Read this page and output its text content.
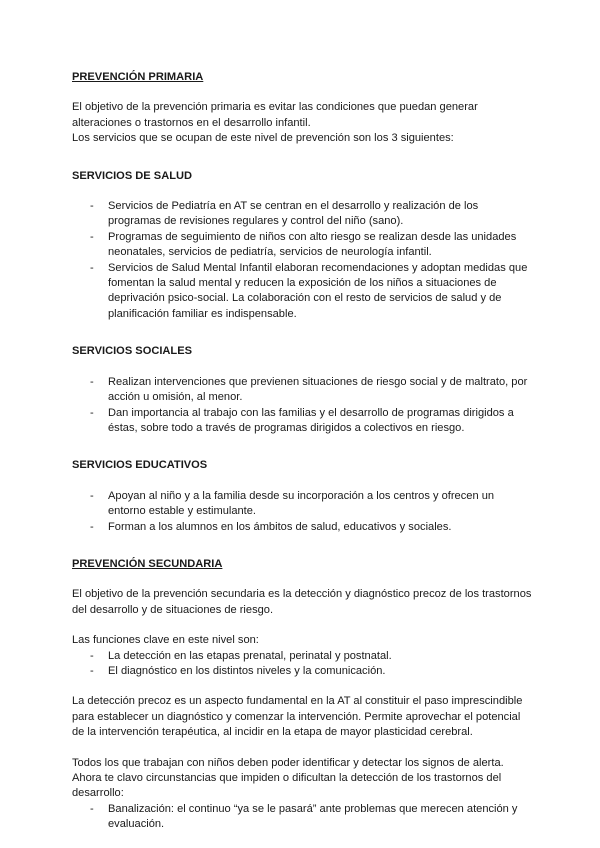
PREVENCIÓN PRIMARIA

El objetivo de la prevención primaria es evitar las condiciones que puedan generar alteraciones o trastornos en el desarrollo infantil.

Los servicios que se ocupan de este nivel de prevención son los 3 siguientes:

SERVICIOS DE SALUD

- Servicios de Pediatría en AT se centran en el desarrollo y realización de los programas de revisiones regulares y control del niño (sano).
- Programas de seguimiento de niños con alto riesgo se realizan desde las unidades neonatales, servicios de pediatría, servicios de neurología infantil.
- Servicios de Salud Mental Infantil elaboran recomendaciones y adoptan medidas que fomentan la salud mental y reducen la exposición de los niños a situaciones de deprivación psico-social. La colaboración con el resto de servicios de salud y de planificación familiar es indispensable.

SERVICIOS SOCIALES

- Realizan intervenciones que previenen situaciones de riesgo social y de maltrato, por acción u omisión, al menor.
- Dan importancia al trabajo con las familias y el desarrollo de programas dirigidos a éstas, sobre todo a través de programas dirigidos a colectivos en riesgo.

SERVICIOS EDUCATIVOS

- Apoyan al niño y a la familia desde su incorporación a los centros y ofrecen un entorno estable y estimulante.
- Forman a los alumnos en los ámbitos de salud, educativos y sociales.

PREVENCIÓN SECUNDARIA

El objetivo de la prevención secundaria es la detección y diagnóstico precoz de los trastornos del desarrollo y de situaciones de riesgo.

Las funciones clave en este nivel son:

- La detección en las etapas prenatal, perinatal y postnatal.
- El diagnóstico en los distintos niveles y la comunicación.

La detección precoz es un aspecto fundamental en la AT al constituir el paso imprescindible para establecer un diagnóstico y comenzar la intervención. Permite aprovechar el potencial de la intervención terapéutica, al incidir en la etapa de mayor plasticidad cerebral.

Todos los que trabajan con niños deben poder identificar y detectar los signos de alerta. Ahora te clavo circunstancias que impiden o dificultan la detección de los trastornos del desarrollo:

- Banalización: el continuo “ya se le pasará” ante problemas que merecen atención y evaluación.
